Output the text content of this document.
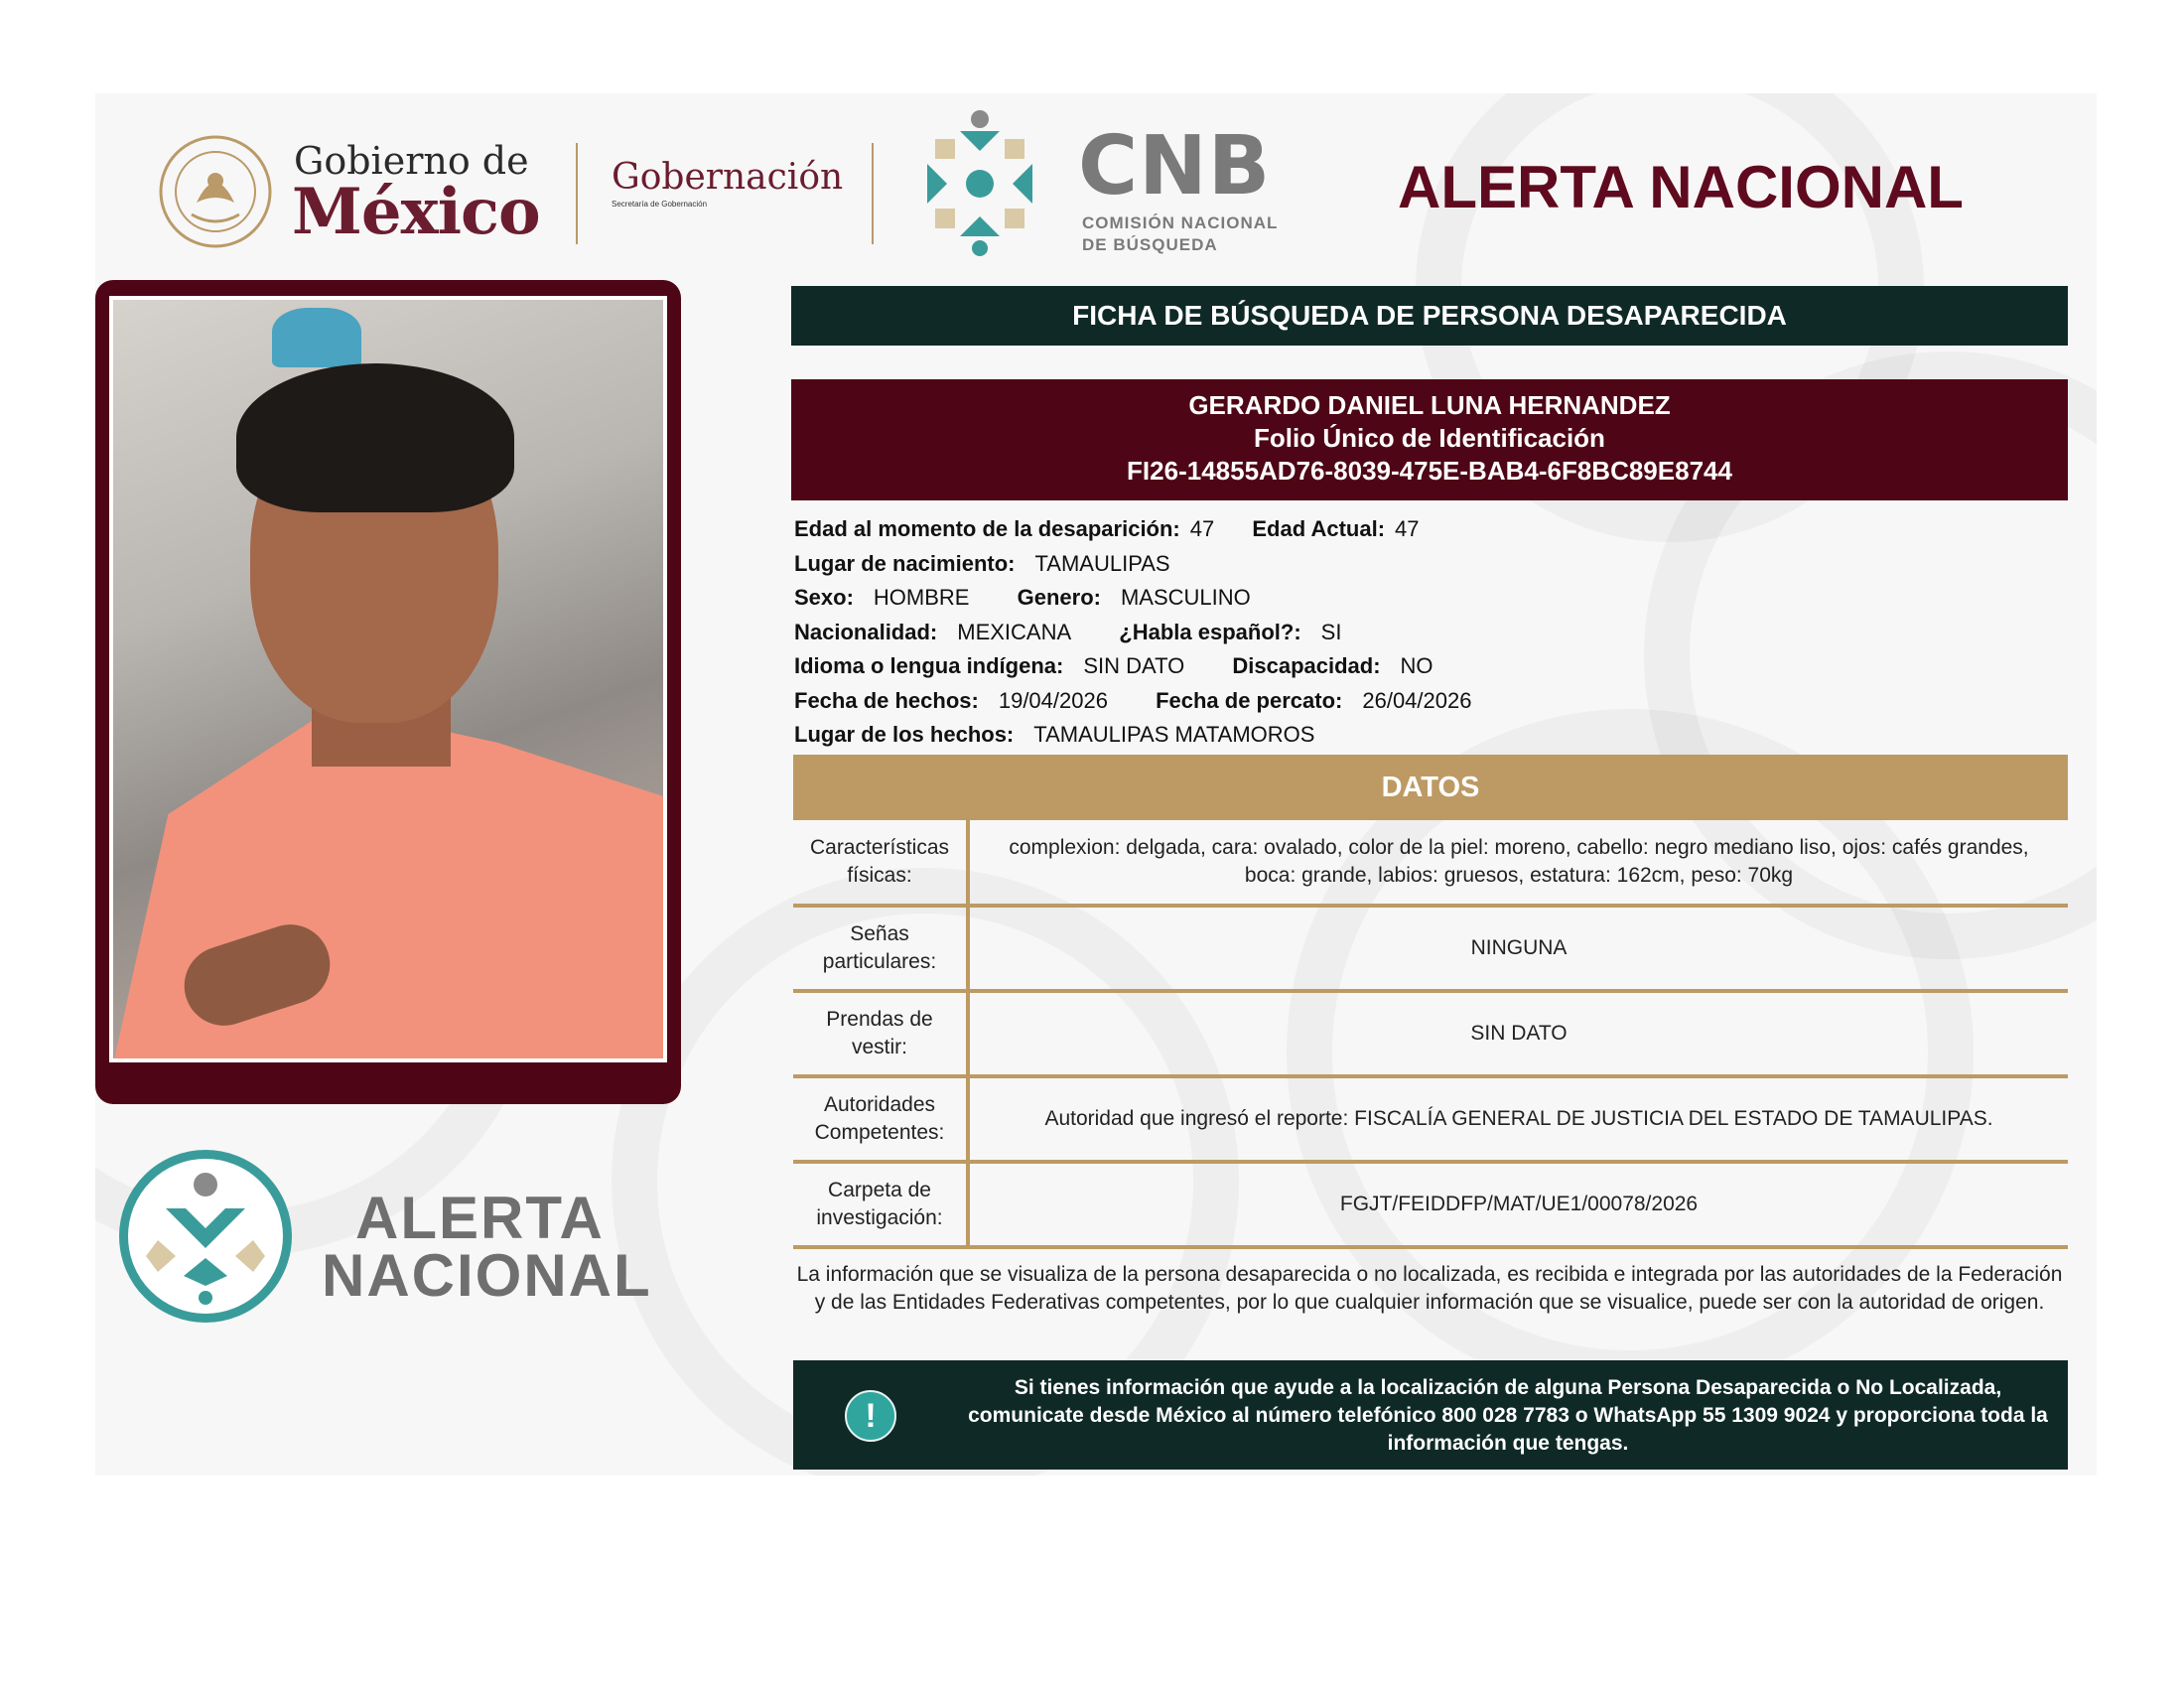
Gobierno de
México Gobernación
Secretaría de Gobernación	CNB
COMISIÓN NACIONAL
DE BÚSQUEDA
ALERTA NACIONAL
ALERTA
NACIONAL
FICHA DE BÚSQUEDA DE PERSONA DESAPARECIDA
GERARDO DANIEL LUNA HERNANDEZ
Folio Único de Identificación
FI26-14855AD76-8039-475E-BAB4-6F8BC89E8744
Edad al momento de la desaparición: 47 Edad Actual: 47
Lugar de nacimiento: TAMAULIPAS
Sexo: HOMBRE Genero: MASCULINO
Nacionalidad: MEXICANA ¿Habla español?: SI
Idioma o lengua indígena: SIN DATO Discapacidad: NO
Fecha de hechos: 19/04/2026 Fecha de percato: 26/04/2026
Lugar de los hechos: TAMAULIPAS MATAMOROS
DATOS
Características físicas:	complexion: delgada, cara: ovalado, color de la piel: moreno, cabello: negro mediano liso, ojos: cafés grandes, boca: grande, labios: gruesos, estatura: 162cm, peso: 70kg
Señas particulares:	NINGUNA
Prendas de vestir:	SIN DATO
Autoridades Competentes:	Autoridad que ingresó el reporte: FISCALÍA GENERAL DE JUSTICIA DEL ESTADO DE TAMAULIPAS.
Carpeta de investigación:	FGJT/FEIDDFP/MAT/UE1/00078/2026
La información que se visualiza de la persona desaparecida o no localizada, es recibida e integrada por las autoridades de la Federación y de las Entidades Federativas competentes, por lo que cualquier información que se visualice, puede ser con la autoridad de origen.
!
Si tienes información que ayude a la localización de alguna Persona Desaparecida o No Localizada, comunicate desde México al número telefónico 800 028 7783 o WhatsApp 55 1309 9024 y proporciona toda la información que tengas.
